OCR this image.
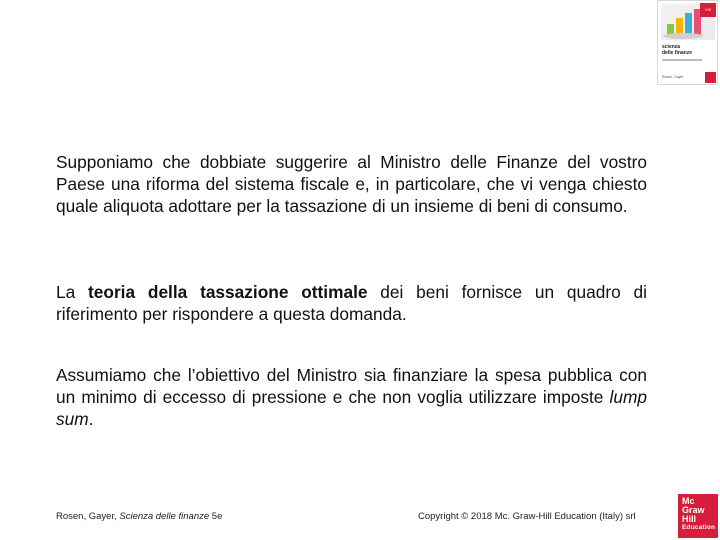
VIII
scienza
delle finanze
Rosen, Gayer

Supponiamo che dobbiate suggerire al Ministro delle Finanze del vostro Paese una riforma del sistema fiscale e, in particolare, che vi venga chiesto quale aliquota adottare per la tassazione di un insieme di beni di consumo.

La teoria della tassazione ottimale dei beni fornisce un quadro di riferimento per rispondere a questa domanda.

Assumiamo che l’obiettivo del Ministro sia finanziare la spesa pubblica con un minimo di eccesso di pressione e che non voglia utilizzare imposte lump sum.

Rosen, Gayer, Scienza delle finanze 5e	Copyright © 2018 Mc. Graw-Hill Education (Italy) srl
Mc
Graw
Hill
Education
